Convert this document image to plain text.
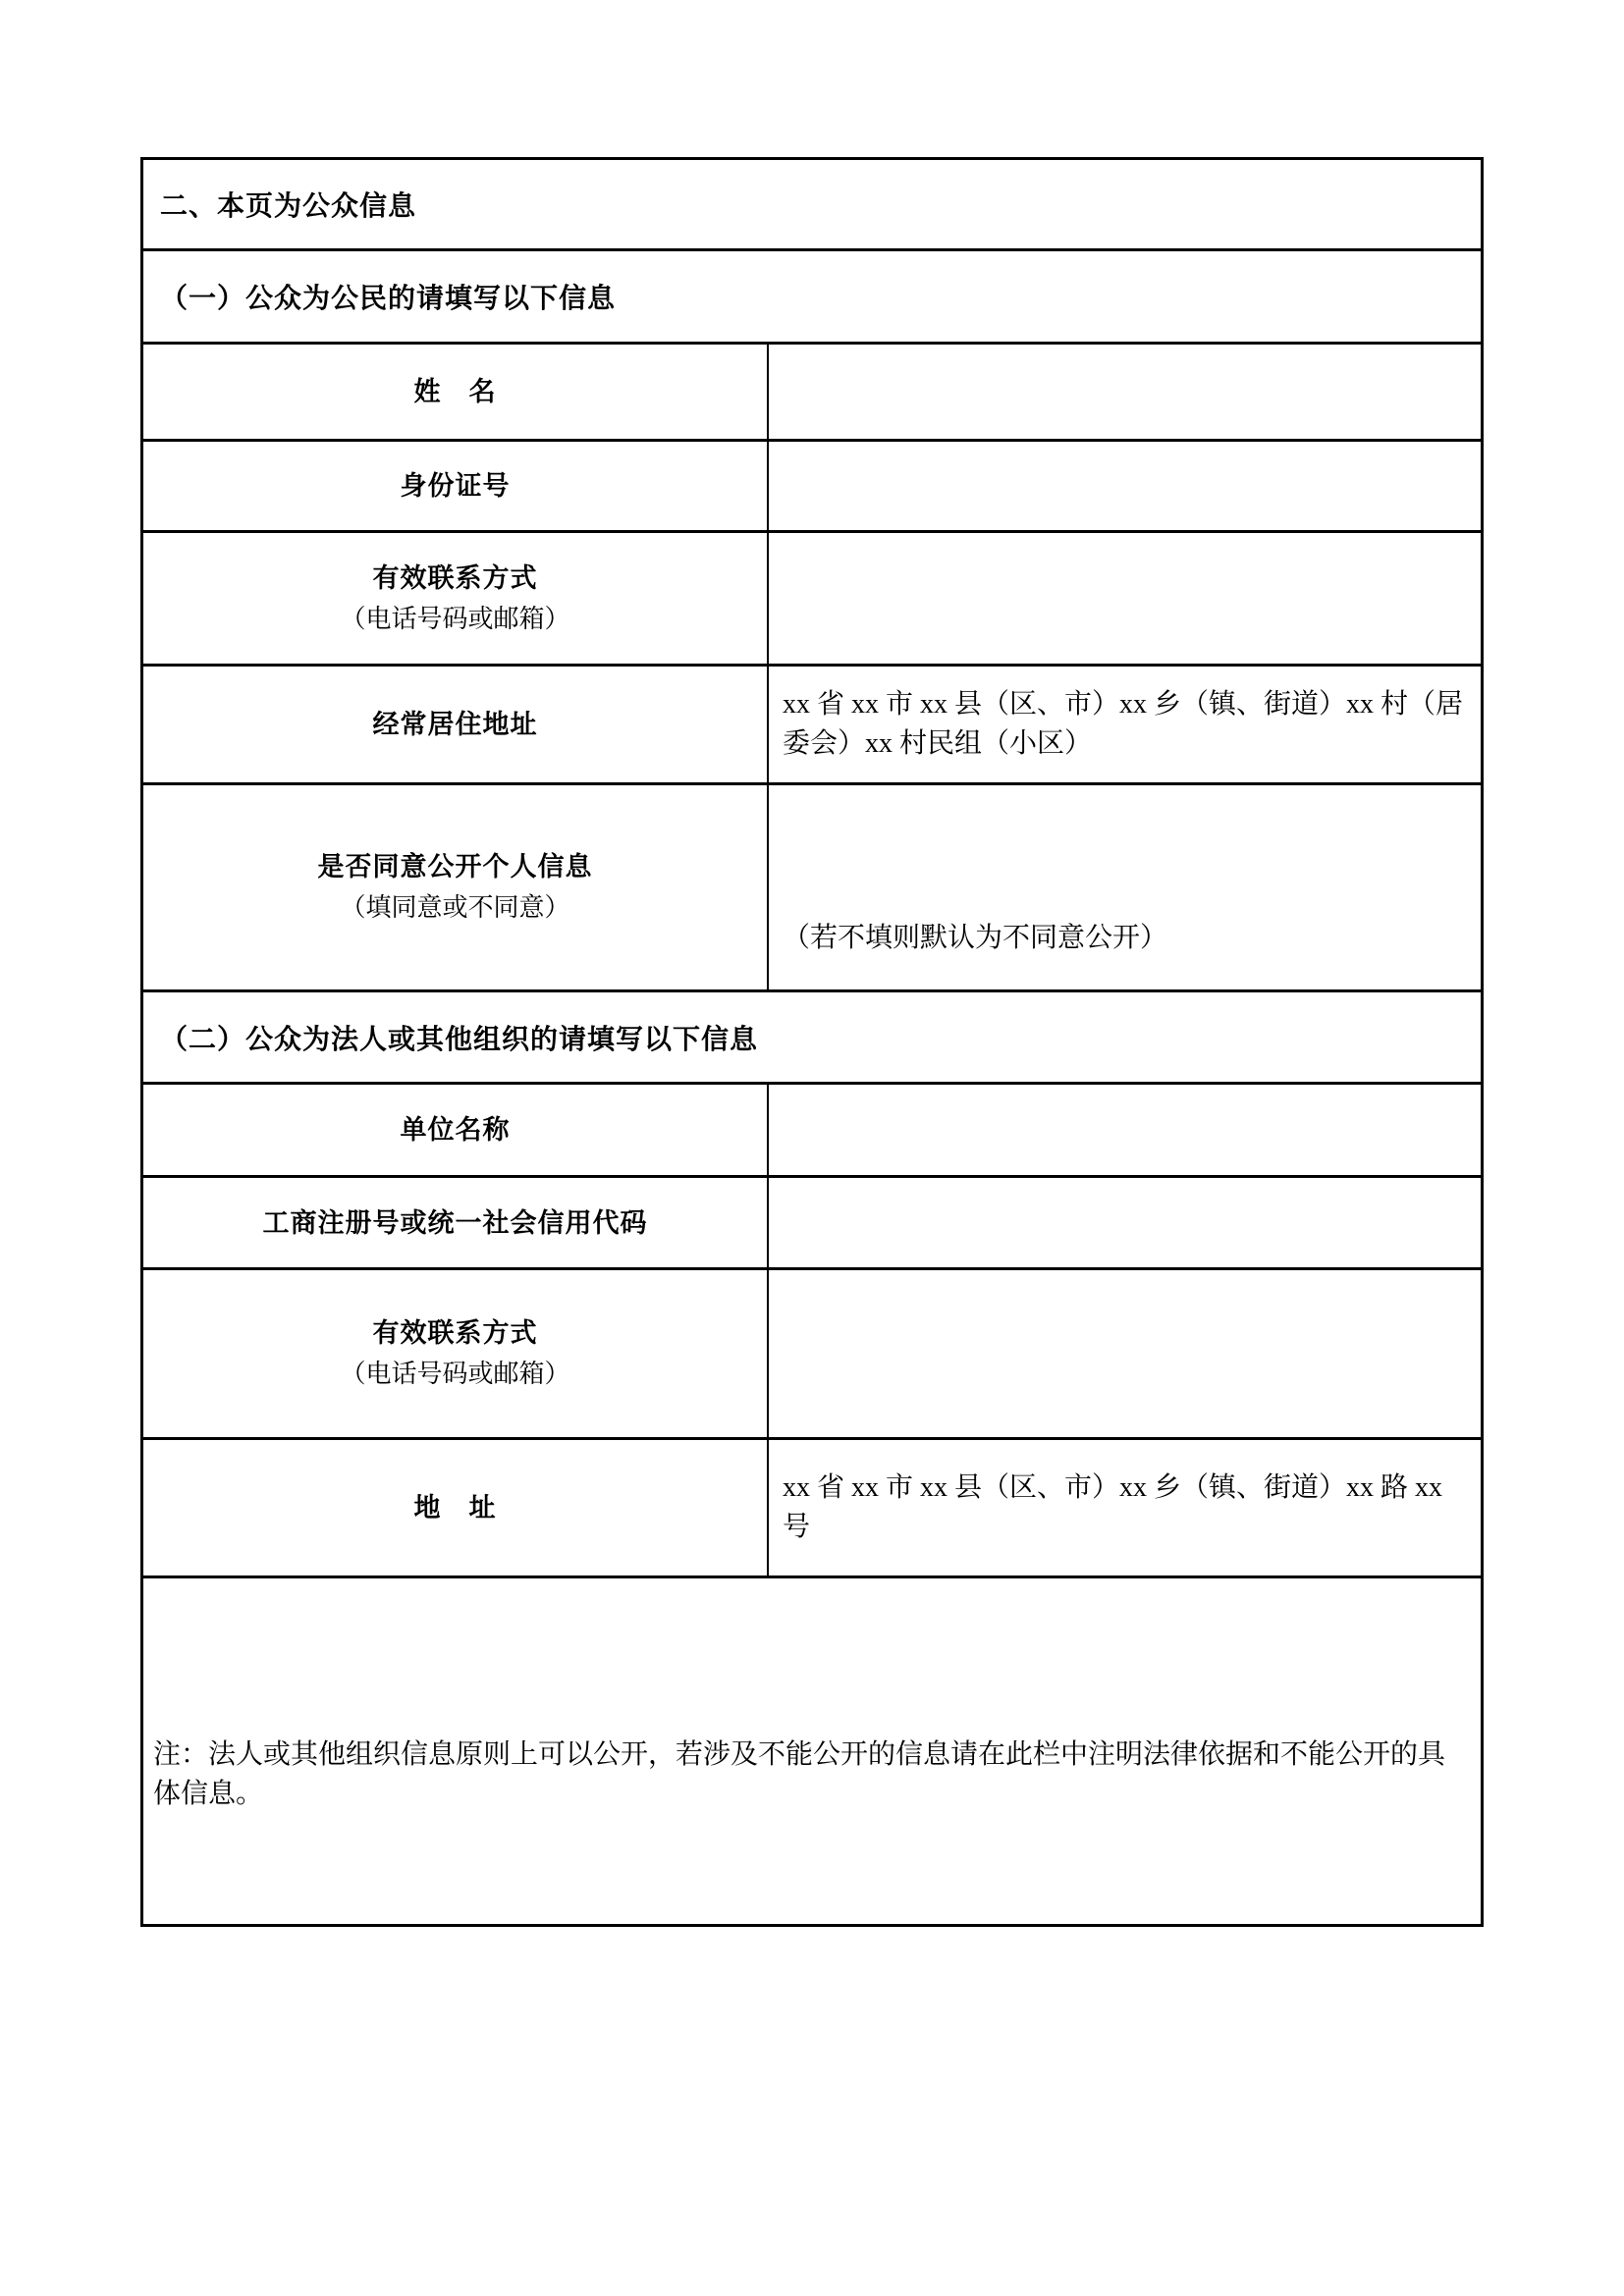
二、本页为公众信息
（一）公众为公民的请填写以下信息
姓　名
身份证号
有效联系方式
（电话号码或邮箱）
经常居住地址
xx 省 xx 市 xx 县（区、市）xx 乡（镇、街道）xx 村（居委会）xx 村民组（小区）
是否同意公开个人信息
（填同意或不同意）
（若不填则默认为不同意公开）
（二）公众为法人或其他组织的请填写以下信息
单位名称
工商注册号或统一社会信用代码
有效联系方式
（电话号码或邮箱）
地　址
xx 省 xx 市 xx 县（区、市）xx 乡（镇、街道）xx 路 xx 号
注：法人或其他组织信息原则上可以公开，若涉及不能公开的信息请在此栏中注明法律依据和不能公开的具体信息。
